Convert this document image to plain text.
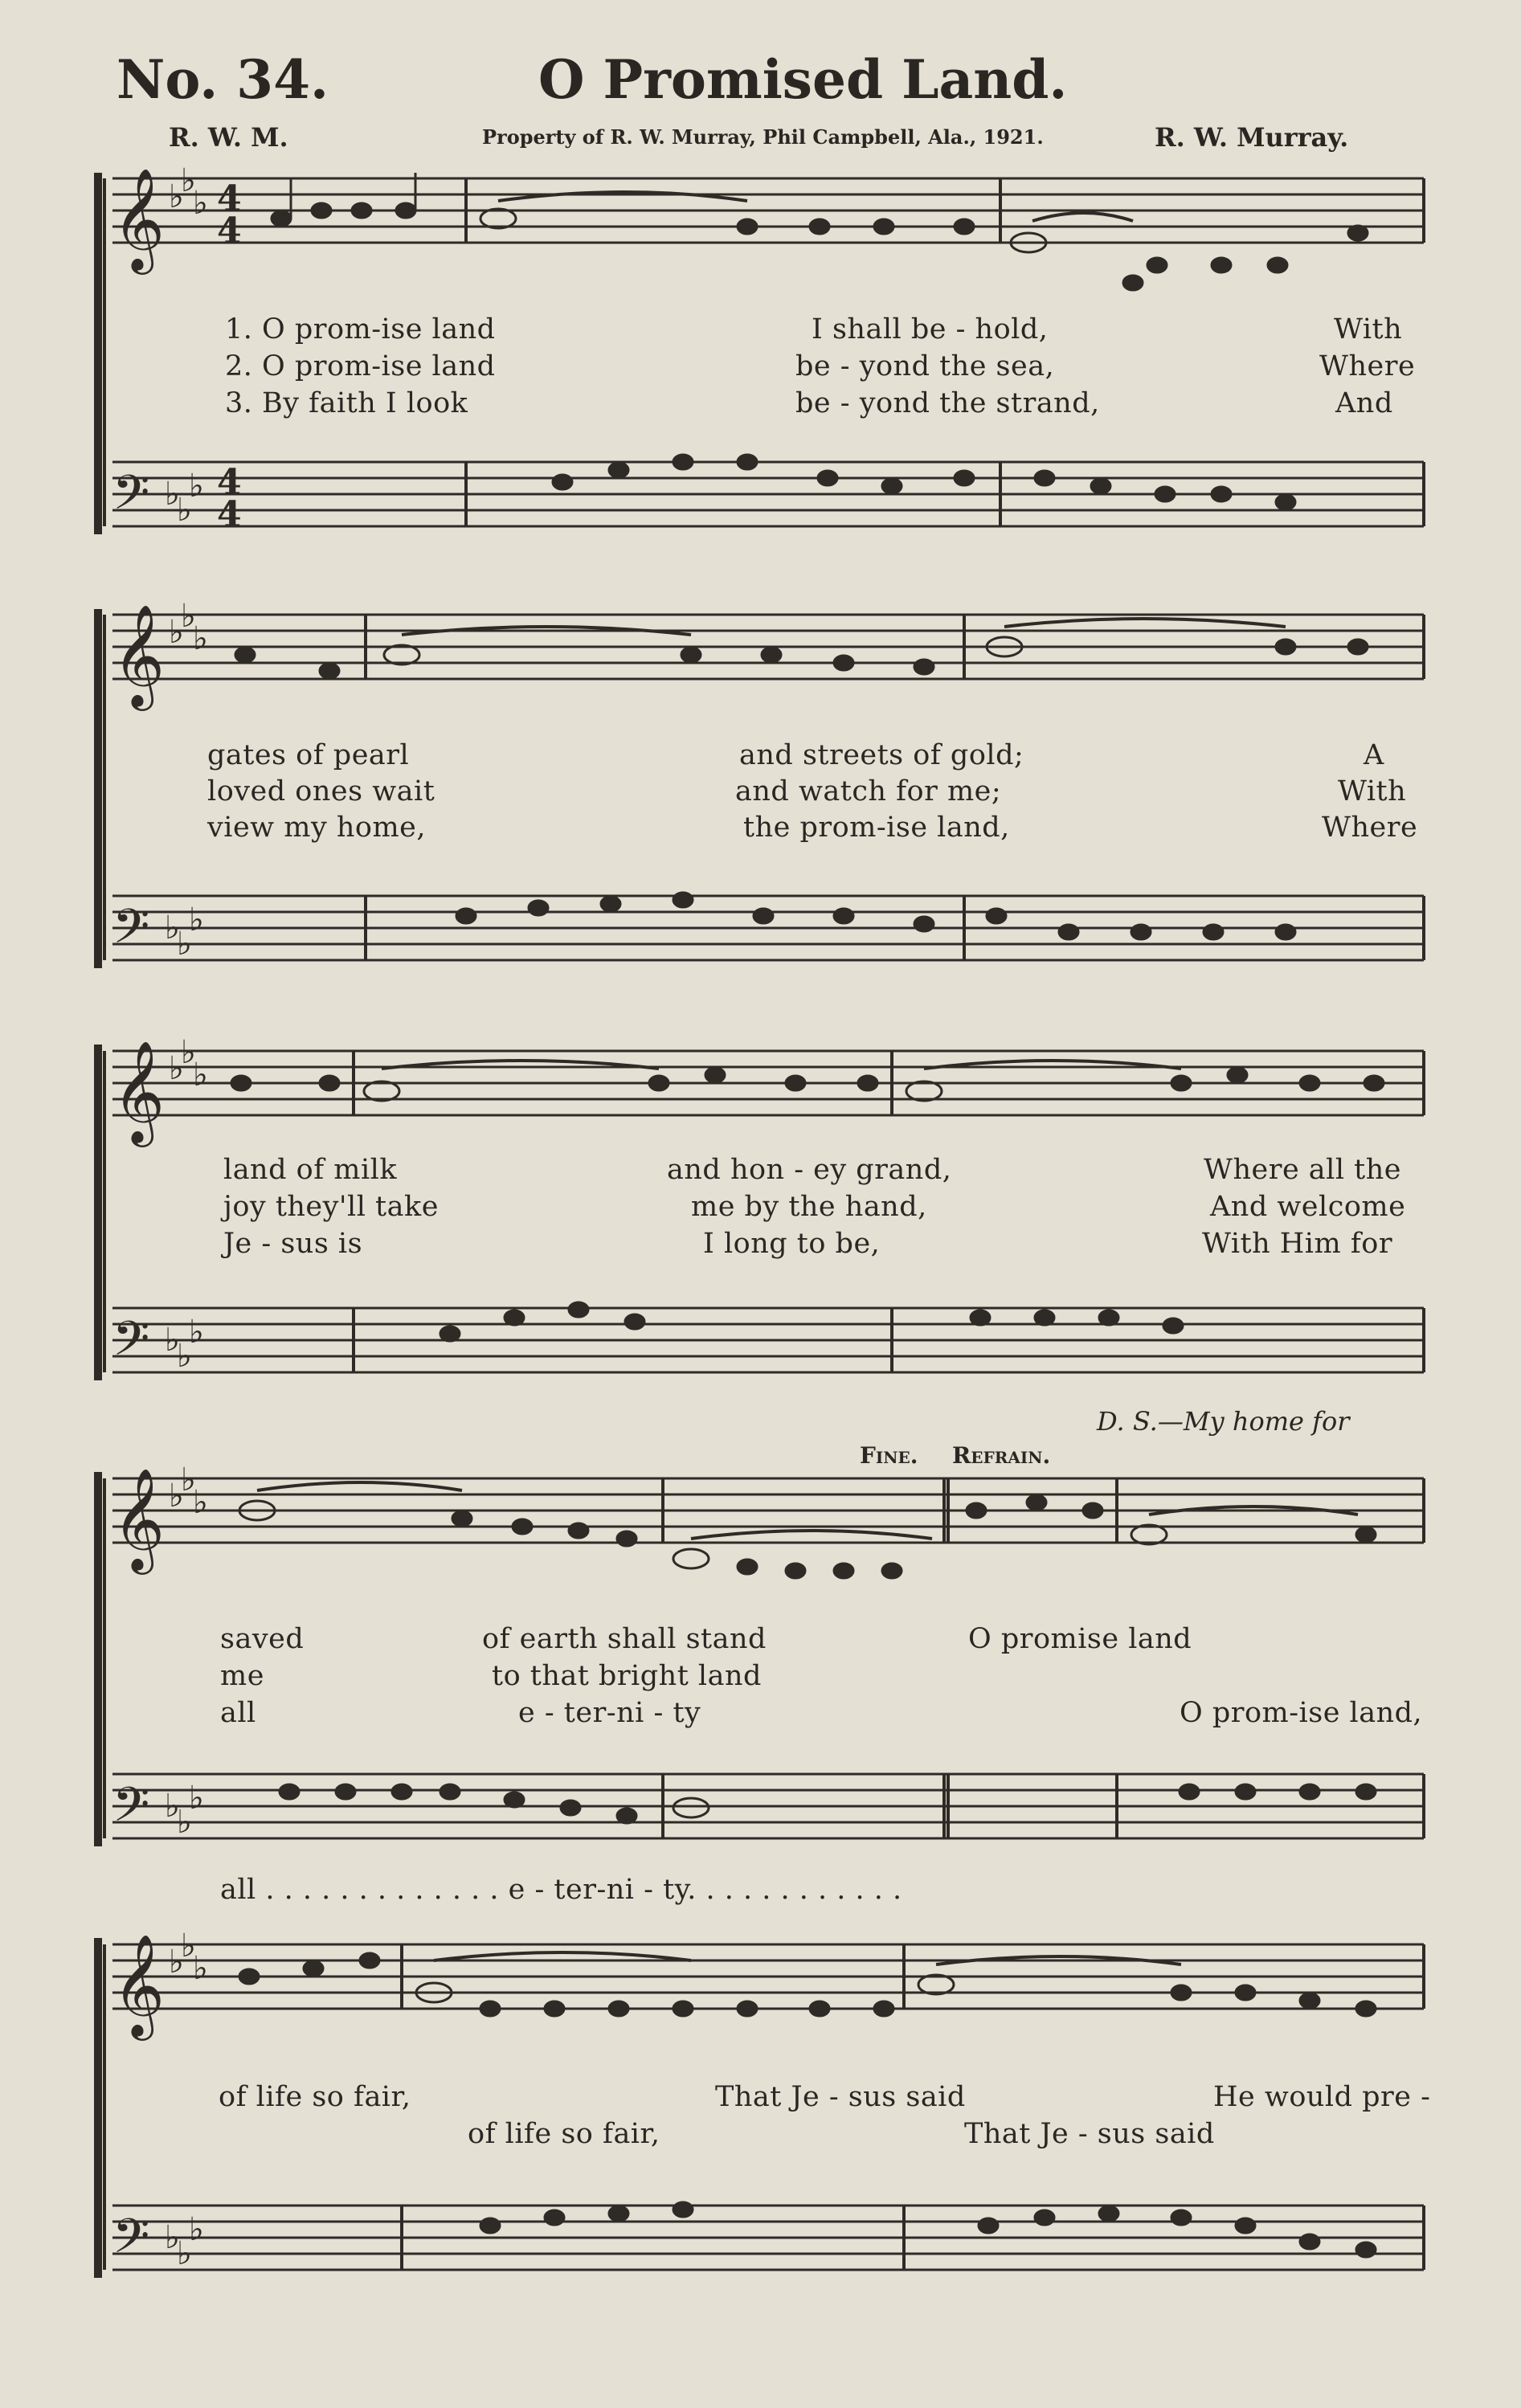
No. 34.	O Promised Land.
R. W. M.	Property of R. W. Murray, Phil Campbell, Ala., 1921.	R. W. Murray.
𝄞
𝄢
𝄞
𝄢
𝄞
𝄢
𝄞
𝄢
𝄞
𝄢
♭
♭
♭
♭
♭
♭
♭
♭
♭
♭
♭
♭
♭
♭
♭
♭
♭
♭
♭
♭
♭
♭
♭
♭
♭
♭
♭
♭
♭
♭
4
4
4
4
1. O prom-ise land	I shall be - hold,	With
2. O prom-ise land	be - yond the sea,	Where
3. By faith I look	be - yond the strand,	And
gates of pearl	and streets of gold;	A
loved ones wait	and watch for me;	With
view my home,	the prom-ise land,	Where
land of milk	and hon - ey grand,	Where all the
joy they'll take	me by the hand,	And welcome
Je - sus is	I long to be,	With Him for
D. S.—My home for
Fine. Refrain.
saved	of earth shall stand	O promise land
me	to that bright land
all	e - ter-ni - ty	O prom-ise land,
all . . . . . . . . . . . . . e - ter-ni - ty. . . . . . . . . . . .
of life so fair,	That Je - sus said	He would pre -
of life so fair,	That Je - sus said
